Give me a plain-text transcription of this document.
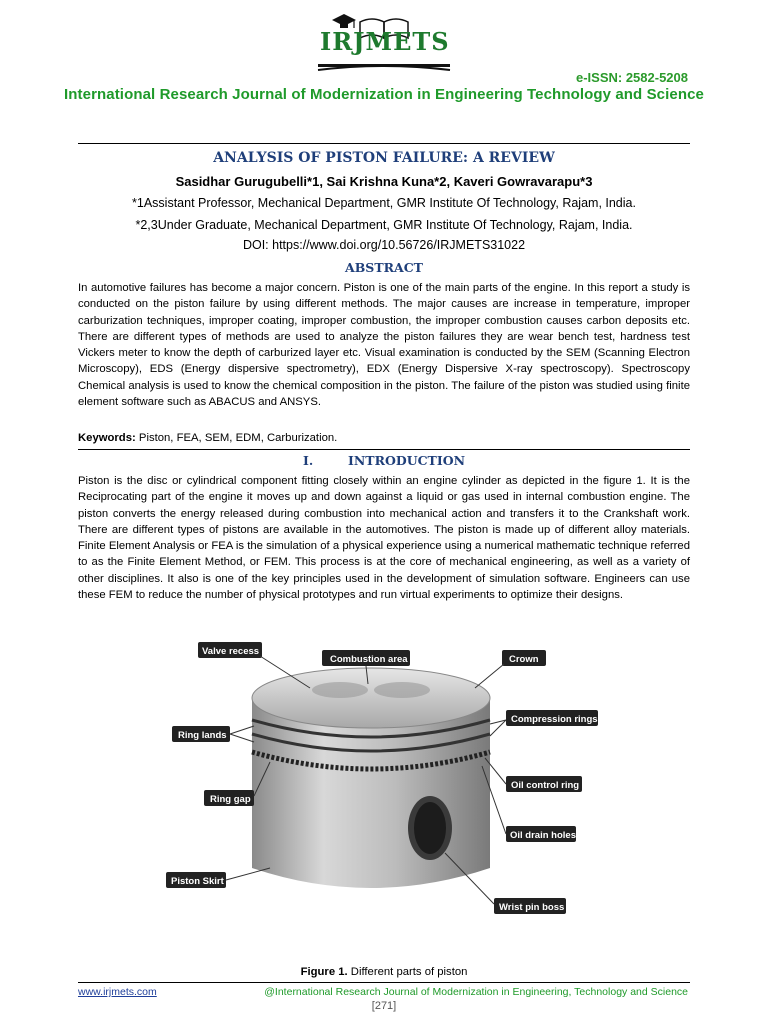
IRJMETS
e-ISSN: 2582-5208
International Research Journal of Modernization in Engineering Technology and Science
ANALYSIS OF PISTON FAILURE: A REVIEW
Sasidhar Gurugubelli*1, Sai Krishna Kuna*2, Kaveri Gowravarapu*3
*1Assistant Professor, Mechanical Department, GMR Institute Of Technology, Rajam, India.
*2,3Under Graduate, Mechanical Department, GMR Institute Of Technology, Rajam, India.
DOI: https://www.doi.org/10.56726/IRJMETS31022
ABSTRACT
In automotive failures has become a major concern. Piston is one of the main parts of the engine. In this report a study is conducted on the piston failure by using different methods. The major causes are increase in temperature, improper carburization techniques, improper coating, improper combustion, the improper combustion causes carbon deposits etc. There are different types of methods are used to analyze the piston failures they are wear bench test, hardness test Vickers meter to know the depth of carburized layer etc. Visual examination is conducted by the SEM (Scanning Electron Microscopy), EDS (Energy dispersive spectrometry), EDX (Energy Dispersive X-ray spectroscopy). Spectroscopy Chemical analysis is used to know the chemical composition in the piston. The failure of the piston was studied using finite element software such as ABACUS and ANSYS.
Keywords: Piston, FEA, SEM, EDM, Carburization.
I.        INTRODUCTION
Piston is the disc or cylindrical component fitting closely within an engine cylinder as depicted in the figure 1. It is the Reciprocating part of the engine it moves up and down against a liquid or gas used in internal combustion engine. The piston converts the energy released during combustion into mechanical action and transfers it to the Crankshaft work. There are different types of pistons are available in the automotives. The piston is made up of different alloy materials. Finite Element Analysis or FEA is the simulation of a physical experience using a numerical mathematic technique referred to as the Finite Element Method, or FEM. This process is at the core of mechanical engineering, as well as a variety of other disciplines. It also is one of the key principles used in the development of simulation software. Engineers can use these FEM to reduce the number of physical prototypes and run virtual experiments to optimize their designs.
Valve recess
Combustion area	Crown
Ring lands
Compression rings
Oil control ring
Ring gap
Oil drain holes
Piston Skirt
Wrist pin boss
Figure 1. Different parts of piston
www.irjmets.com	@International Research Journal of Modernization in Engineering, Technology and Science
[271]
